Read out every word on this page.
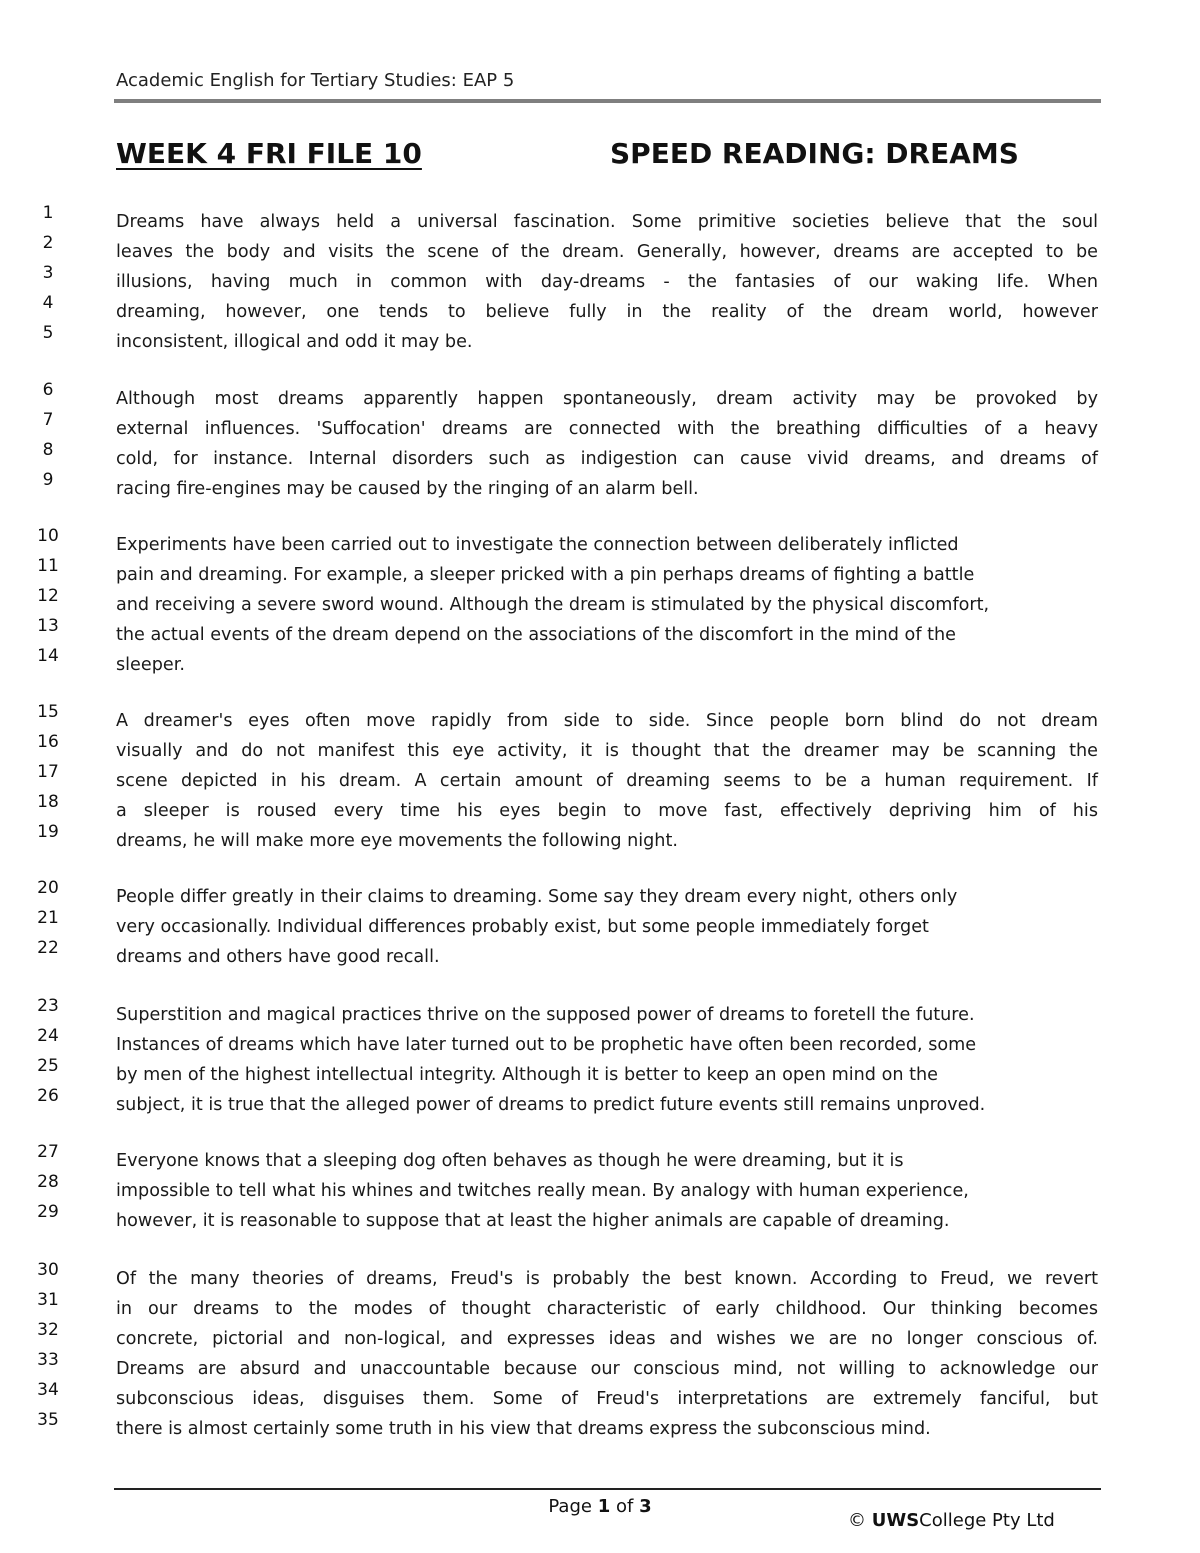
Academic English for Tertiary Studies: EAP 5
WEEK 4 FRI FILE 10	SPEED READING: DREAMS
1	Dreams have always held a universal fascination. Some primitive societies believe that the soul
2	leaves the body and visits the scene of the dream. Generally, however, dreams are accepted to be
3	illusions, having much in common with day-dreams - the fantasies of our waking life. When
4	dreaming, however, one tends to believe fully in the reality of the dream world, however
5	inconsistent, illogical and odd it may be.
6	Although most dreams apparently happen spontaneously, dream activity may be provoked by
7	external influences. 'Suffocation' dreams are connected with the breathing difficulties of a heavy
8	cold, for instance. Internal disorders such as indigestion can cause vivid dreams, and dreams of
9	racing fire-engines may be caused by the ringing of an alarm bell.
10	Experiments have been carried out to investigate the connection between deliberately inflicted
11	pain and dreaming. For example, a sleeper pricked with a pin perhaps dreams of fighting a battle
12	and receiving a severe sword wound. Although the dream is stimulated by the physical discomfort,
13	the actual events of the dream depend on the associations of the discomfort in the mind of the
14	sleeper.
15	A dreamer's eyes often move rapidly from side to side. Since people born blind do not dream
16	visually and do not manifest this eye activity, it is thought that the dreamer may be scanning the
17	scene depicted in his dream. A certain amount of dreaming seems to be a human requirement. If
18	a sleeper is roused every time his eyes begin to move fast, effectively depriving him of his
19	dreams, he will make more eye movements the following night.
20	People differ greatly in their claims to dreaming. Some say they dream every night, others only
21	very occasionally. Individual differences probably exist, but some people immediately forget
22	dreams and others have good recall.
23	Superstition and magical practices thrive on the supposed power of dreams to foretell the future.
24	Instances of dreams which have later turned out to be prophetic have often been recorded, some
25	by men of the highest intellectual integrity. Although it is better to keep an open mind on the
26	subject, it is true that the alleged power of dreams to predict future events still remains unproved.
27	Everyone knows that a sleeping dog often behaves as though he were dreaming, but it is
28	impossible to tell what his whines and twitches really mean. By analogy with human experience,
29	however, it is reasonable to suppose that at least the higher animals are capable of dreaming.
30	Of the many theories of dreams, Freud's is probably the best known. According to Freud, we revert
31	in our dreams to the modes of thought characteristic of early childhood. Our thinking becomes
32	concrete, pictorial and non-logical, and expresses ideas and wishes we are no longer conscious of.
33	Dreams are absurd and unaccountable because our conscious mind, not willing to acknowledge our
34	subconscious ideas, disguises them. Some of Freud's interpretations are extremely fanciful, but
35	there is almost certainly some truth in his view that dreams express the subconscious mind.
Page 1 of 3
© UWSCollege Pty Ltd
